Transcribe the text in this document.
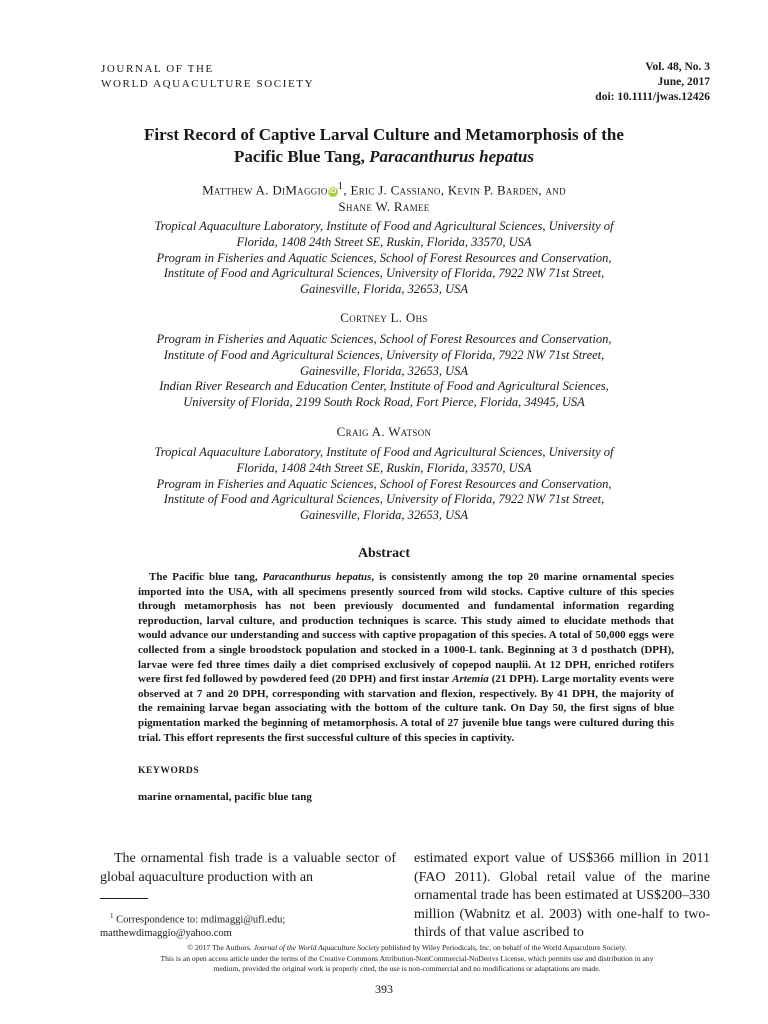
JOURNAL OF THE
WORLD AQUACULTURE SOCIETY
Vol. 48, No. 3
June, 2017
doi: 10.1111/jwas.12426
First Record of Captive Larval Culture and Metamorphosis of the
Pacific Blue Tang, Paracanthurus hepatus
Matthew A. DiMaggioiD$^1$, Eric J. Cassiano, Kevin P. Barden, and
Shane W. Ramee
Tropical Aquaculture Laboratory, Institute of Food and Agricultural Sciences, University of
Florida, 1408 24th Street SE, Ruskin, Florida, 33570, USA
Program in Fisheries and Aquatic Sciences, School of Forest Resources and Conservation,
Institute of Food and Agricultural Sciences, University of Florida, 7922 NW 71st Street,
Gainesville, Florida, 32653, USA
Cortney L. Ohs
Program in Fisheries and Aquatic Sciences, School of Forest Resources and Conservation,
Institute of Food and Agricultural Sciences, University of Florida, 7922 NW 71st Street,
Gainesville, Florida, 32653, USA
Indian River Research and Education Center, Institute of Food and Agricultural Sciences,
University of Florida, 2199 South Rock Road, Fort Pierce, Florida, 34945, USA
Craig A. Watson
Tropical Aquaculture Laboratory, Institute of Food and Agricultural Sciences, University of
Florida, 1408 24th Street SE, Ruskin, Florida, 33570, USA
Program in Fisheries and Aquatic Sciences, School of Forest Resources and Conservation,
Institute of Food and Agricultural Sciences, University of Florida, 7922 NW 71st Street,
Gainesville, Florida, 32653, USA
Abstract

The Pacific blue tang, Paracanthurus hepatus, is consistently among the top 20 marine ornamental species imported into the USA, with all specimens presently sourced from wild stocks. Captive culture of this species through metamorphosis has not been previously documented and fundamental information regarding reproduction, larval culture, and production techniques is scarce. This study aimed to elucidate methods that would advance our understanding and success with captive propagation of this species. A total of 50,000 eggs were collected from a single broodstock population and stocked in a 1000-L tank. Beginning at 3 d posthatch (DPH), larvae were fed three times daily a diet comprised exclusively of copepod nauplii. At 12 DPH, enriched rotifers were first fed followed by powdered feed (20 DPH) and first instar Artemia (21 DPH). Large mortality events were observed at 7 and 20 DPH, corresponding with starvation and flexion, respectively. By 41 DPH, the majority of the remaining larvae began associating with the bottom of the culture tank. On Day 50, the first signs of blue pigmentation marked the beginning of metamorphosis. A total of 27 juvenile blue tangs were cultured during this trial. This effort represents the first successful culture of this species in captivity.

KEYWORDS
marine ornamental, pacific blue tang

The ornamental fish trade is a valuable sector of global aquaculture production with an

estimated export value of US$366 million in 2011 (FAO 2011). Global retail value of the marine ornamental trade has been estimated at US$200–330 million (Wabnitz et al. 2003) with one-half to two-thirds of that value ascribed to

$^1$ Correspondence to: mdimaggi@ufl.edu; matthewdimaggio@yahoo.com

© 2017 The Authors. Journal of the World Aquaculture Society published by Wiley Periodicals, Inc. on behalf of the World Aquaculture Society.
This is an open access article under the terms of the Creative Commons Attribution-NonCommercial-NoDerivs License, which permits use and distribution in any
medium, provided the original work is properly cited, the use is non-commercial and no modifications or adaptations are made.
393
